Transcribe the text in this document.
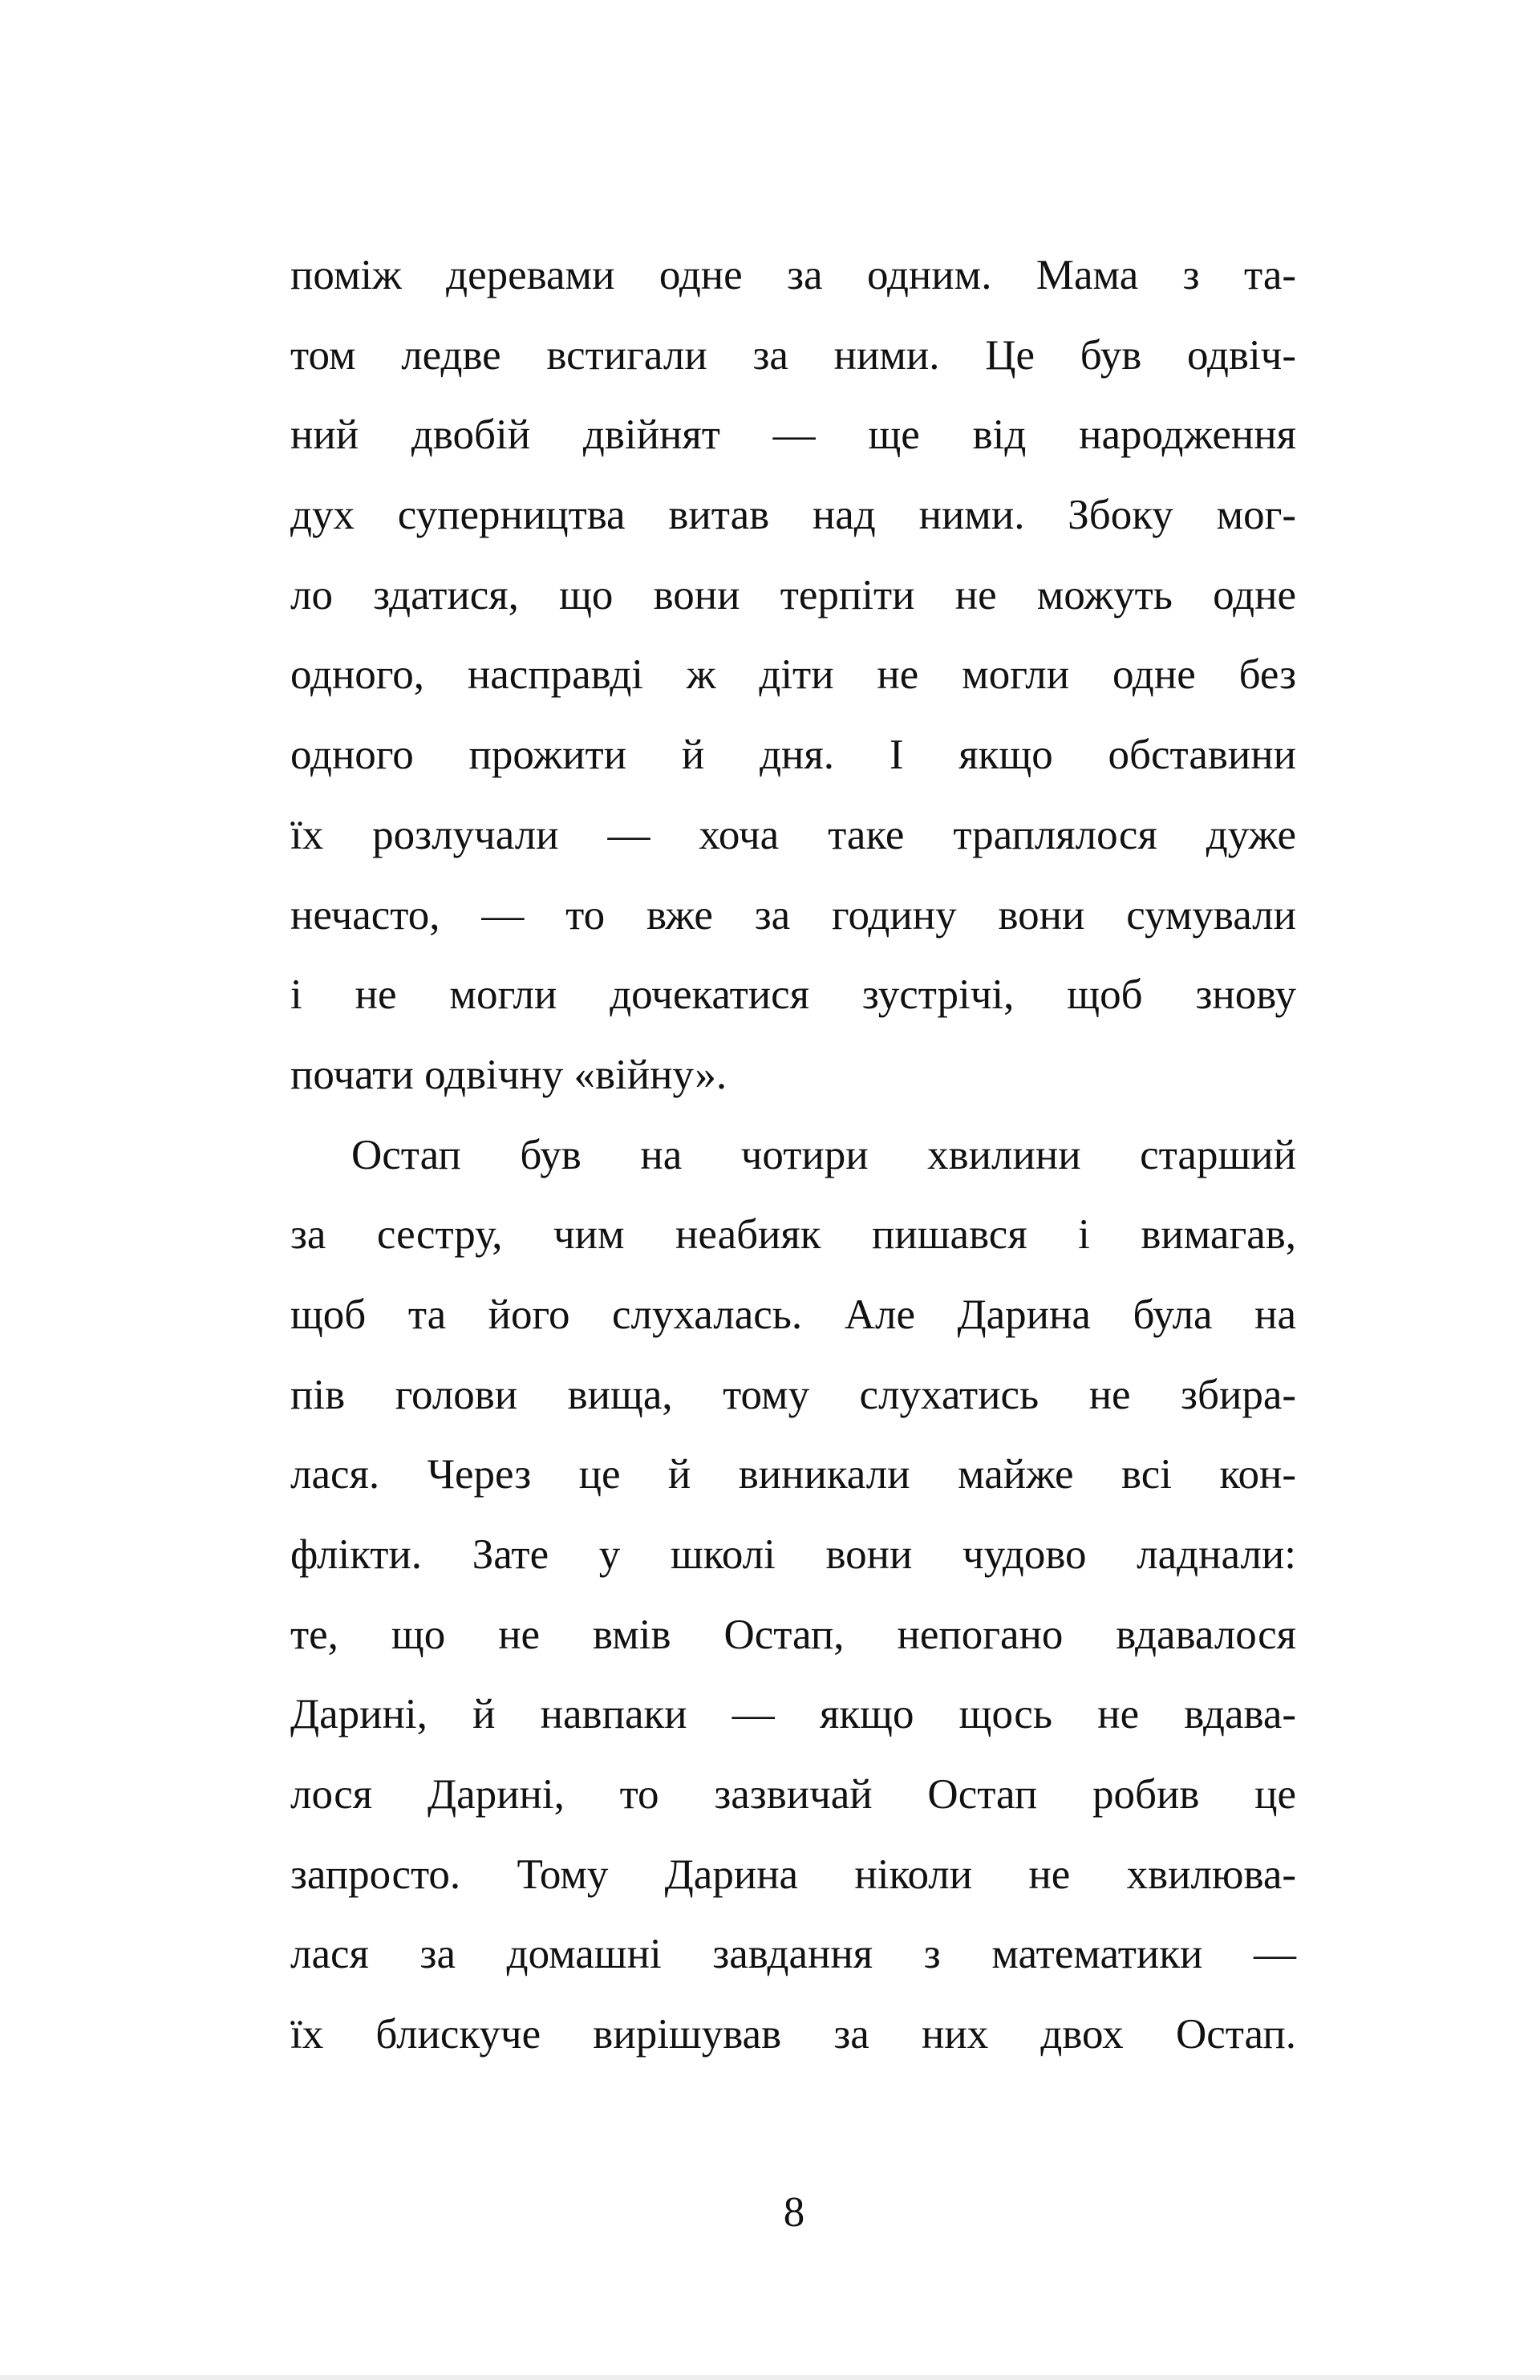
поміж деревами одне за одним. Мама з та-
том ледве встигали за ними. Це був одвіч-
ний двобій двійнят — ще від народження
дух суперництва витав над ними. Збоку мог-
ло здатися, що вони терпіти не можуть одне
одного, насправді ж діти не могли одне без
одного прожити й дня. І якщо обставини
їх розлучали — хоча таке траплялося дуже
нечасто, — то вже за годину вони сумували
і не могли дочекатися зустрічі, щоб знову
почати одвічну «війну».
Остап був на чотири хвилини старший
за сестру, чим неабияк пишався і вимагав,
щоб та його слухалась. Але Дарина була на
пів голови вища, тому слухатись не збира-
лася. Через це й виникали майже всі кон-
флікти. Зате у школі вони чудово ладнали:
те, що не вмів Остап, непогано вдавалося
Дарині, й навпаки — якщо щось не вдава-
лося Дарині, то зазвичай Остап робив це
запросто. Тому Дарина ніколи не хвилюва-
лася за домашні завдання з математики —
їх блискуче вирішував за них двох Остап.
8
